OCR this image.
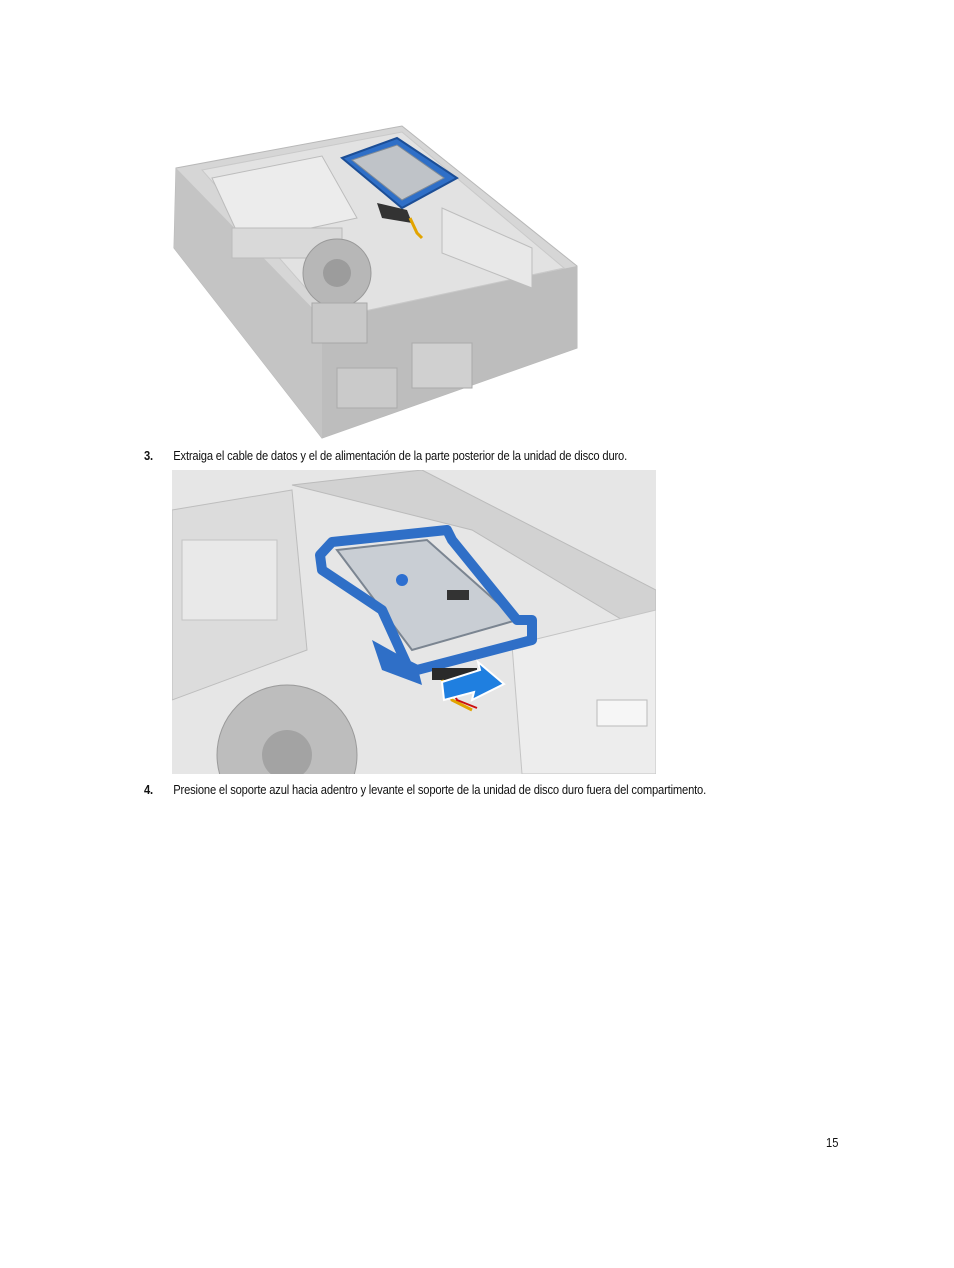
3. Extraiga el cable de datos y el de alimentación de la parte posterior de la unidad de disco duro.
4. Presione el soporte azul hacia adentro y levante el soporte de la unidad de disco duro fuera del compartimento.
15
